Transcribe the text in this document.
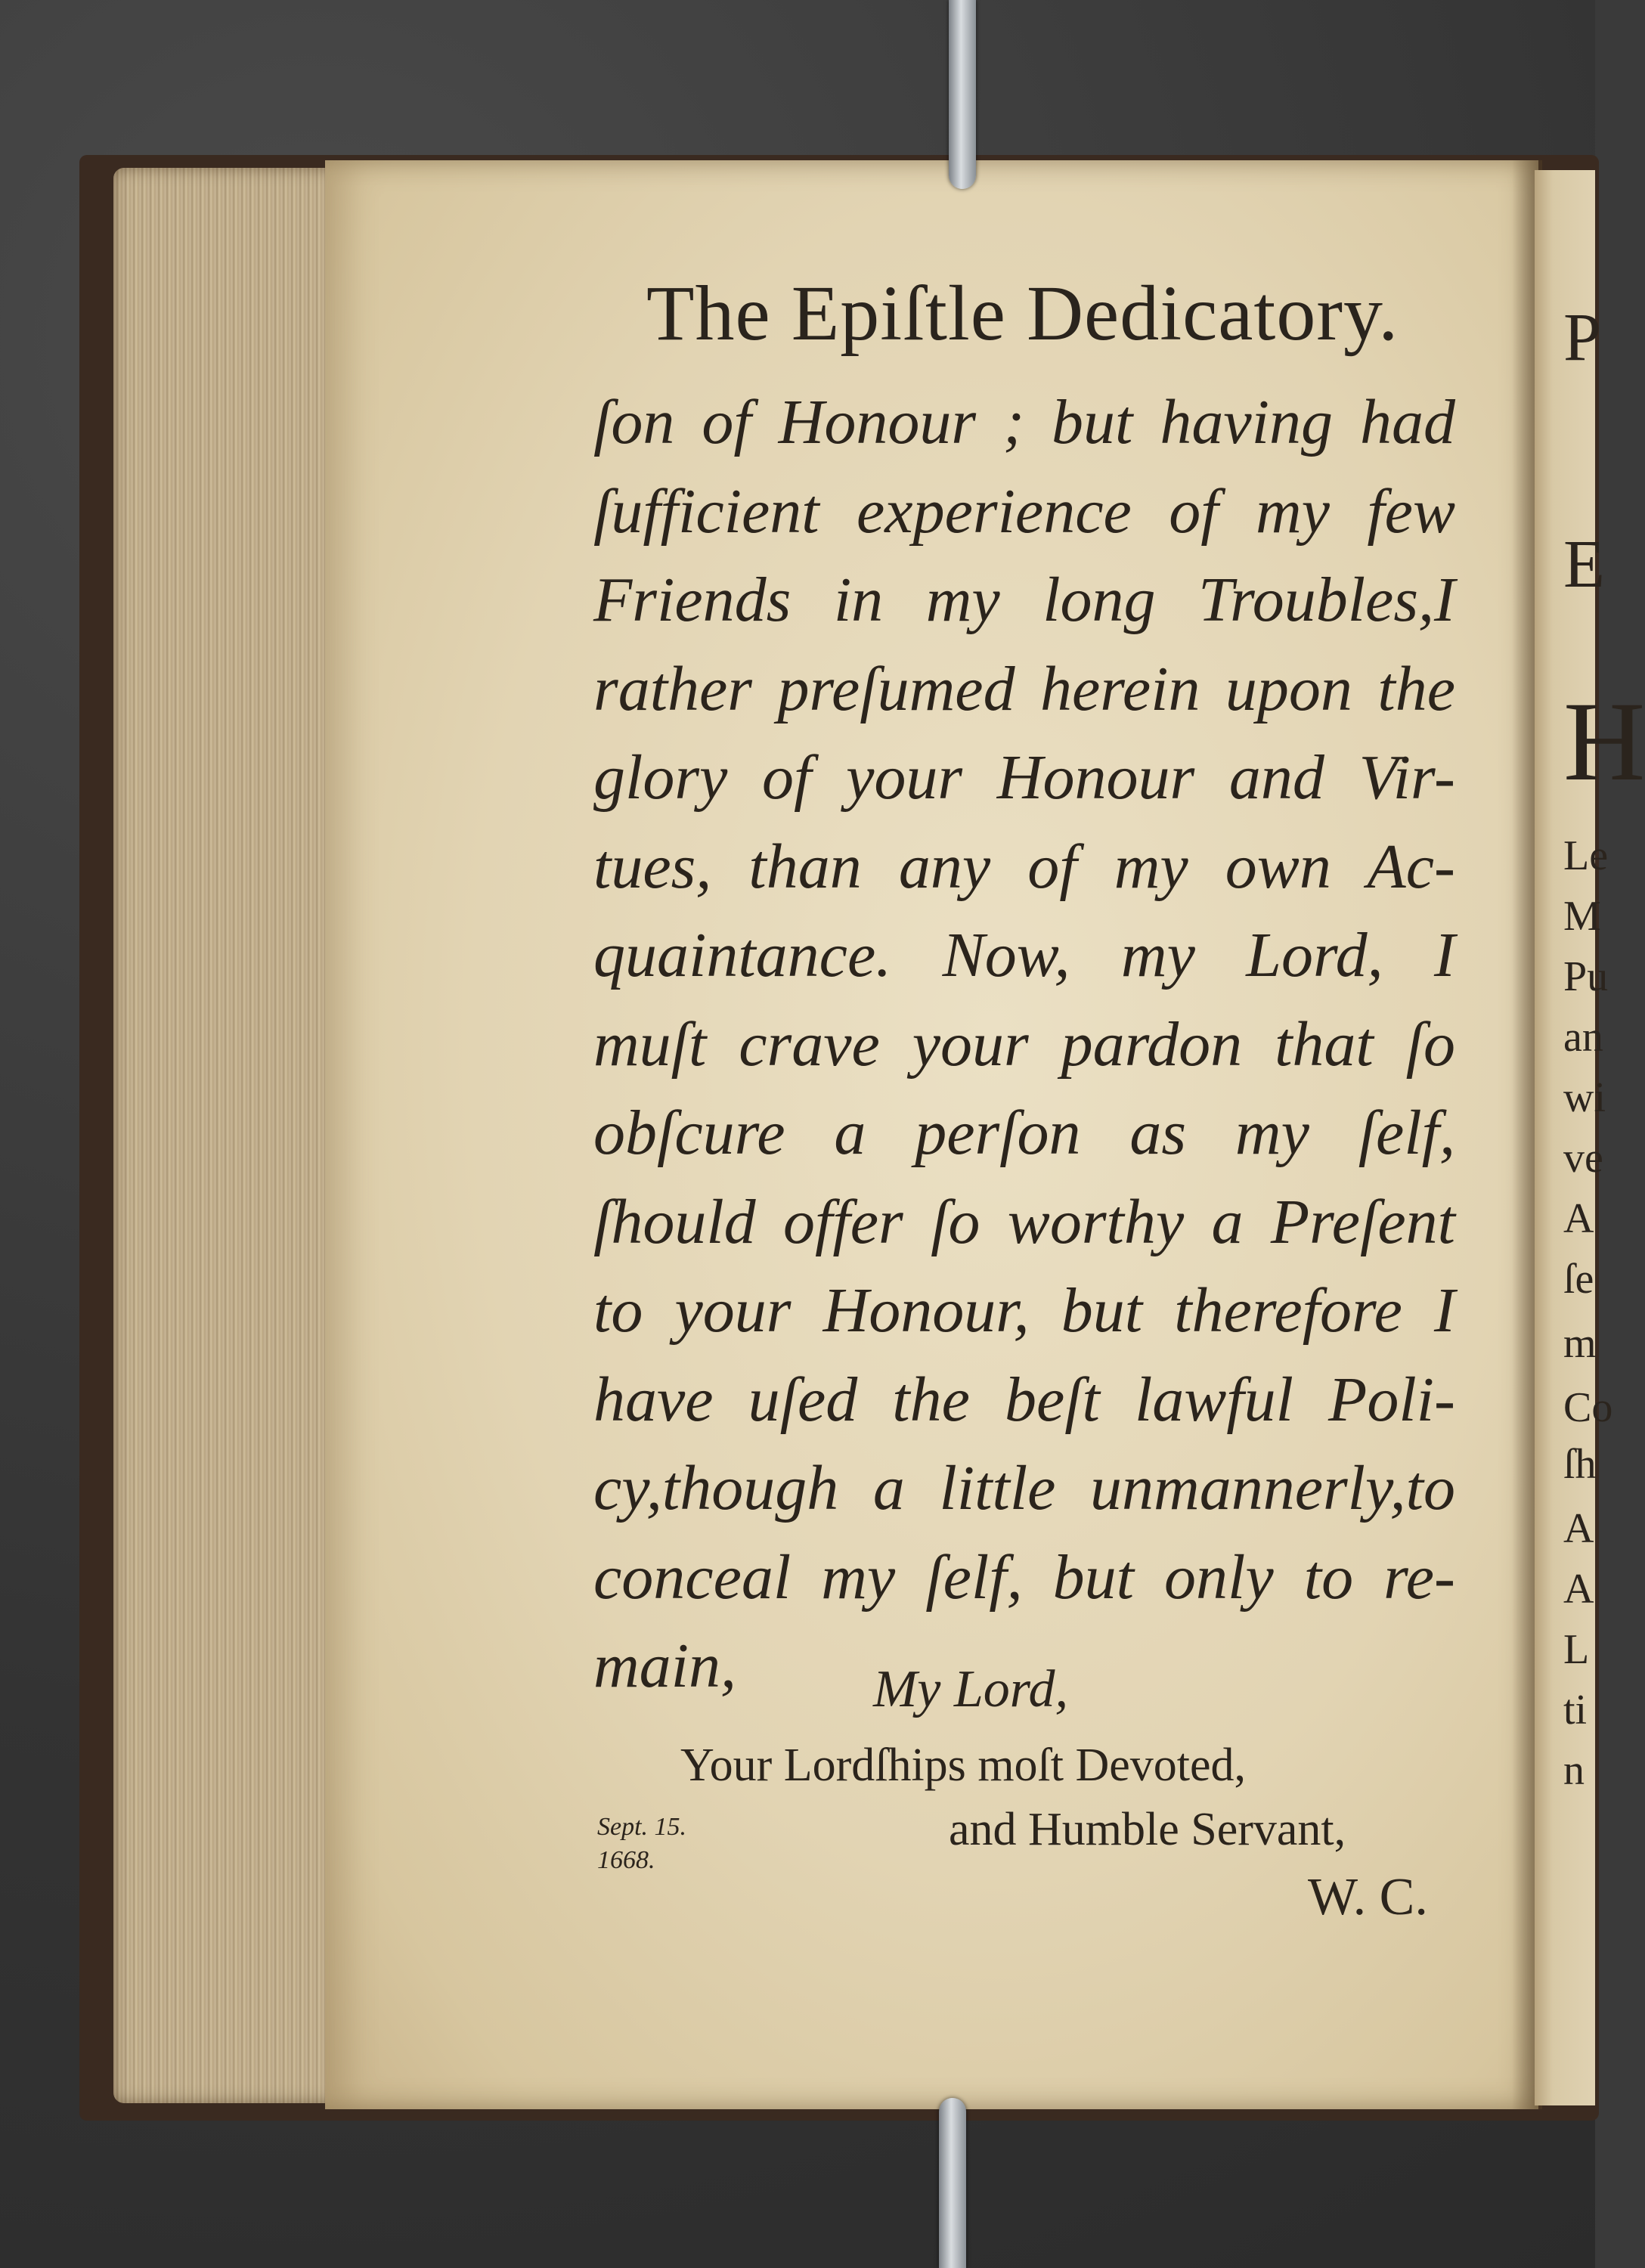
P
E
H
Le
M
Pu
an
wi
ve
A
ſe
m
Co
ſh
A
A
L
ti
n
The Epiſtle Dedicatory.
ſon of Honour ; but having had
ſufficient experience of my few
Friends in my long Troubles,I
rather preſumed herein upon the
glory of your Honour and Vir-
tues, than any of my own Ac-
quaintance. Now, my Lord, I
muſt crave your pardon that ſo
obſcure a perſon as my ſelf,
ſhould offer ſo worthy a Preſent
to your Honour, but therefore I
have uſed the beſt lawful Poli-
cy,though a little unmannerly,to
conceal my ſelf, but only to re-
main,	My Lord,
Your Lordſhips moſt Devoted,
and Humble Servant,
W. C.
Sept. 15.
1668.
